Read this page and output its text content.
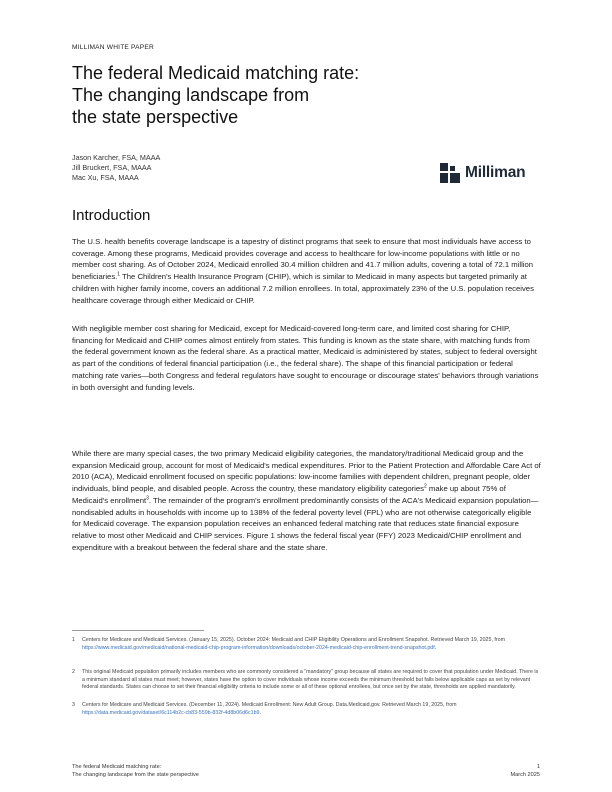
MILLIMAN WHITE PAPER
The federal Medicaid matching rate:
The changing landscape from
the state perspective
Jason Karcher, FSA, MAAA
Jill Bruckert, FSA, MAAA
Mac Xu, FSA, MAAA	Milliman
Introduction
The U.S. health benefits coverage landscape is a tapestry of distinct programs that seek to ensure that most individuals have access to coverage. Among these programs, Medicaid provides coverage and access to healthcare for low-income populations with little or no member cost sharing. As of October 2024, Medicaid enrolled 30.4 million children and 41.7 million adults, covering a total of 72.1 million beneficiaries.$^1$ The Children's Health Insurance Program (CHIP), which is similar to Medicaid in many aspects but targeted primarily at children with higher family income, covers an additional 7.2 million enrollees. In total, approximately 23% of the U.S. population receives healthcare coverage through either Medicaid or CHIP.
With negligible member cost sharing for Medicaid, except for Medicaid-covered long-term care, and limited cost sharing for CHIP, financing for Medicaid and CHIP comes almost entirely from states. This funding is known as the state share, with matching funds from the federal government known as the federal share. As a practical matter, Medicaid is administered by states, subject to federal oversight as part of the conditions of federal financial participation (i.e., the federal share). The shape of this financial participation or federal matching rate varies—both Congress and federal regulators have sought to encourage or discourage states' behaviors through variations in both oversight and funding levels.
While there are many special cases, the two primary Medicaid eligibility categories, the mandatory/traditional Medicaid group and the expansion Medicaid group, account for most of Medicaid's medical expenditures. Prior to the Patient Protection and Affordable Care Act of 2010 (ACA), Medicaid enrollment focused on specific populations: low-income families with dependent children, pregnant people, older individuals, blind people, and disabled people. Across the country, these mandatory eligibility categories$^2$ make up about 75% of Medicaid's enrollment$^3$. The remainder of the program's enrollment predominantly consists of the ACA's Medicaid expansion population—nondisabled adults in households with income up to 138% of the federal poverty level (FPL) who are not otherwise categorically eligible for Medicaid coverage. The expansion population receives an enhanced federal matching rate that reduces state financial exposure relative to most other Medicaid and CHIP services. Figure 1 shows the federal fiscal year (FFY) 2023 Medicaid/CHIP enrollment and expenditure with a breakout between the federal share and the state share.
1 Centers for Medicare and Medicaid Services. (January 15, 2025). October 2024: Medicaid and CHIP Eligibility Operations and Enrollment Snapshot. Retrieved March 19, 2025, from https://www.medicaid.gov/medicaid/national-medicaid-chip-program-information/downloads/october-2024-medicaid-chip-enrollment-trend-snapshot.pdf.
2 This original Medicaid population primarily includes members who are commonly considered a "mandatory" group because all states are required to cover that population under Medicaid. There is a minimum standard all states must meet; however, states have the option to cover individuals whose income exceeds the minimum threshold but falls below applicable caps as set by relevant federal standards. States can choose to set their financial eligibility criteria to include some or all of these optional enrollees, but once set by the state, thresholds are applied mandatorily.
3 Centers for Medicare and Medicaid Services. (December 11, 2024). Medicaid Enrollment: New Adult Group. Data.Medicaid.gov. Retrieved March 19, 2025, from https://data.medicaid.gov/dataset/6c114b2c-cb83-559b-832f-4d8b06d6c1b9.
The federal Medicaid matching rate:
The changing landscape from the state perspective
1
March 2025
